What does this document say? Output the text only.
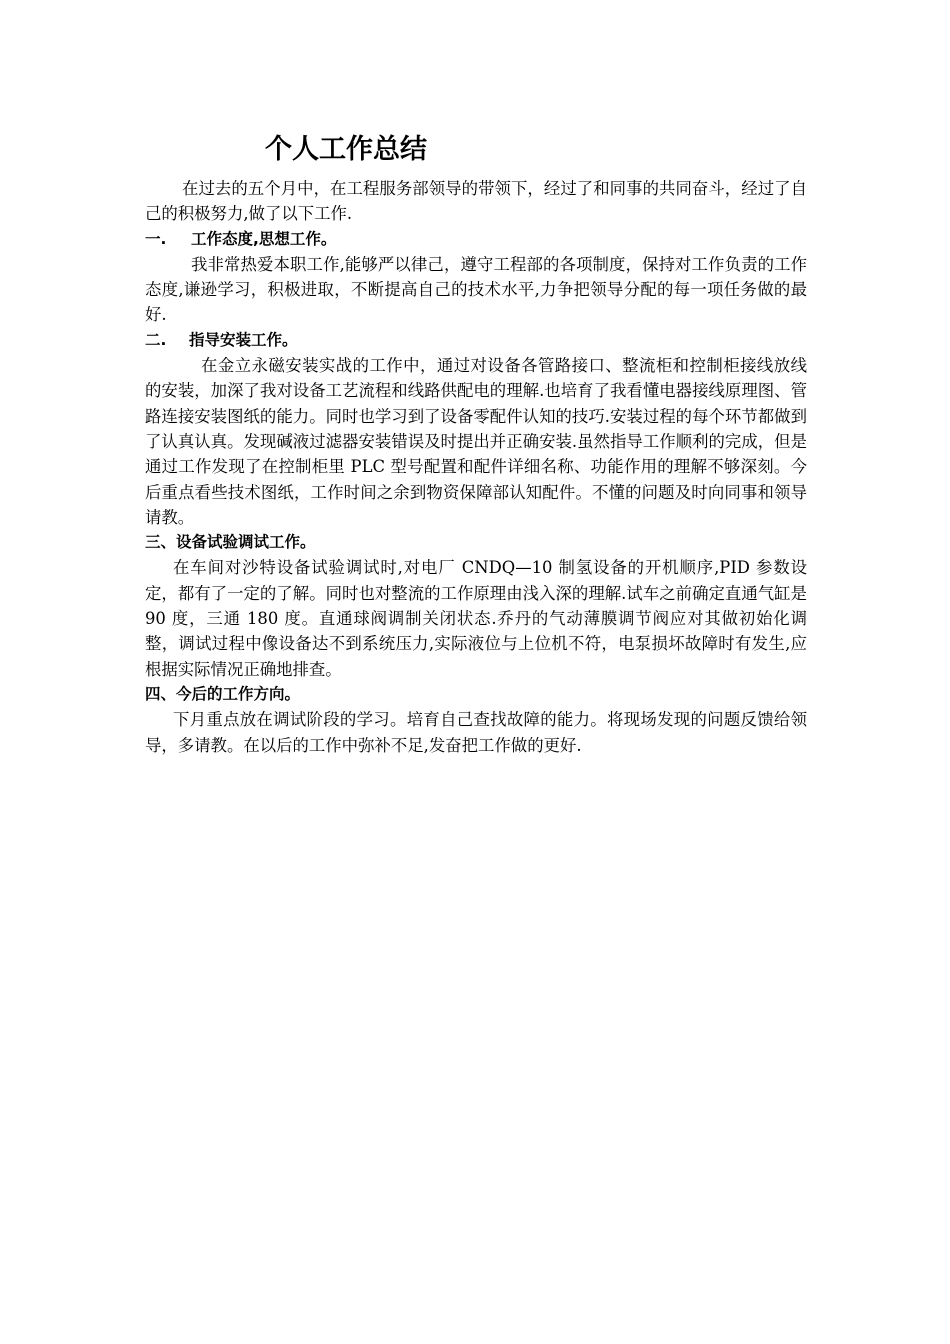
个人工作总结

在过去的五个月中，在工程服务部领导的带领下，经过了和同事的共同奋斗，经过了自己的积极努力,做了以下工作.

一. 工作态度,思想工作。

我非常热爱本职工作,能够严以律己，遵守工程部的各项制度，保持对工作负责的工作态度,谦逊学习，积极进取，不断提高自己的技术水平,力争把领导分配的每一项任务做的最好.

二. 指导安装工作。

在金立永磁安装实战的工作中，通过对设备各管路接口、整流柜和控制柜接线放线的安装，加深了我对设备工艺流程和线路供配电的理解.也培育了我看懂电器接线原理图、管路连接安装图纸的能力。同时也学习到了设备零配件认知的技巧.安装过程的每个环节都做到了认真认真。发现碱液过滤器安装错误及时提出并正确安装.虽然指导工作顺利的完成，但是通过工作发现了在控制柜里 PLC 型号配置和配件详细名称、功能作用的理解不够深刻。今后重点看些技术图纸，工作时间之余到物资保障部认知配件。不懂的问题及时向同事和领导请教。

三、设备试验调试工作。

在车间对沙特设备试验调试时,对电厂 CNDQ—10 制氢设备的开机顺序,PID 参数设定，都有了一定的了解。同时也对整流的工作原理由浅入深的理解.试车之前确定直通气缸是 90 度，三通 180 度。直通球阀调制关闭状态.乔丹的气动薄膜调节阀应对其做初始化调整，调试过程中像设备达不到系统压力,实际液位与上位机不符，电泵损坏故障时有发生,应根据实际情况正确地排查。

四、今后的工作方向。

下月重点放在调试阶段的学习。培育自己查找故障的能力。将现场发现的问题反馈给领导，多请教。在以后的工作中弥补不足,发奋把工作做的更好.
